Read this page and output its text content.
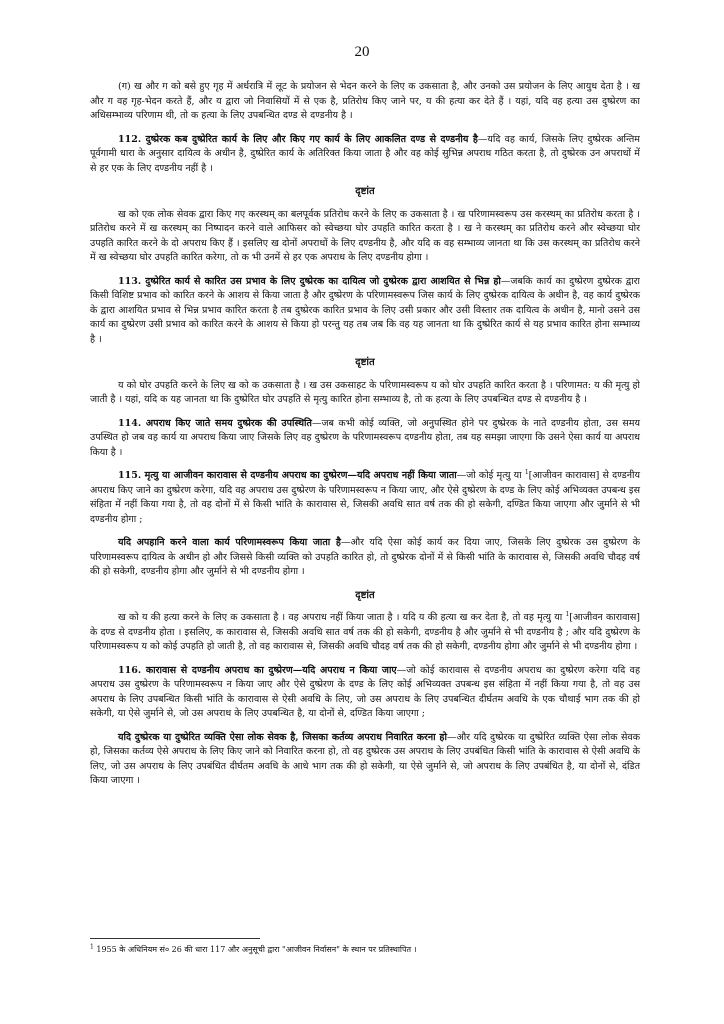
20

(ग) ख और ग को बसे हुए गृह में अर्धरात्रि में लूट के प्रयोजन से भेदन करने के लिए क उकसाता है, और उनको उस प्रयोजन के लिए आयुध देता है । ख और ग वह गृह-भेदन करते हैं, और य द्वारा जो निवासियों में से एक है, प्रतिरोध किए जाने पर, य की हत्या कर देते हैं । यहां, यदि वह हत्या उस दुष्प्रेरण का अधिसम्भाव्य परिणाम थी, तो क हत्या के लिए उपबन्धित दण्ड से दण्डनीय है ।

112. दुष्प्रेरक कब दुष्प्रेरित कार्य के लिए और किए गए कार्य के लिए आकलित दण्ड से दण्डनीय है—यदि वह कार्य, जिसके लिए दुष्प्रेरक अन्तिम पूर्वगामी धारा के अनुसार दायित्व के अधीन है, दुष्प्रेरित कार्य के अतिरिक्त किया जाता है और वह कोई सुभिन्न अपराध गठित करता है, तो दुष्प्रेरक उन अपराधों में से हर एक के लिए दण्डनीय नहीं है ।

दृष्टांत

ख को एक लोक सेवक द्वारा किए गए करस्थम् का बलपूर्वक प्रतिरोध करने के लिए क उकसाता है । ख परिणामस्वरूप उस करस्थम् का प्रतिरोध करता है । प्रतिरोध करने में ख करस्थम् का निष्पादन करने वाले आफिसर को स्वेच्छया घोर उपहति कारित करता है । ख ने करस्थम् का प्रतिरोध करने और स्वेच्छया घोर उपहति कारित करने के दो अपराध किए हैं । इसलिए ख दोनों अपराधों के लिए दण्डनीय है, और यदि क वह सम्भाव्य जानता था कि उस करस्थम् का प्रतिरोध करने में ख स्वेच्छया घोर उपहति कारित करेगा, तो क भी उनमें से हर एक अपराध के लिए दण्डनीय होगा ।

113. दुष्प्रेरित कार्य से कारित उस प्रभाव के लिए दुष्प्रेरक का दायित्व जो दुष्प्रेरक द्वारा आशयित से भिन्न हो—जबकि कार्य का दुष्प्रेरण दुष्प्रेरक द्वारा किसी विशिष्ट प्रभाव को कारित करने के आशय से किया जाता है और दुष्प्रेरण के परिणामस्वरूप जिस कार्य के लिए दुष्प्रेरक दायित्व के अधीन है, वह कार्य दुष्प्रेरक के द्वारा आशयित प्रभाव से भिन्न प्रभाव कारित करता है तब दुष्प्रेरक कारित प्रभाव के लिए उसी प्रकार और उसी विस्तार तक दायित्व के अधीन है, मानो उसने उस कार्य का दुष्प्रेरण उसी प्रभाव को कारित करने के आशय से किया हो परन्तु यह तब जब कि वह यह जानता था कि दुष्प्रेरित कार्य से यह प्रभाव कारित होना सम्भाव्य है ।

दृष्टांत

य को घोर उपहति करने के लिए ख को क उकसाता है । ख उस उकसाहट के परिणामस्वरूप य को घोर उपहति कारित करता है । परिणामत: य की मृत्यु हो जाती है । यहां, यदि क यह जानता था कि दुष्प्रेरित घोर उपहति से मृत्यु कारित होना सम्भाव्य है, तो क हत्या के लिए उपबन्धित दण्ड से दण्डनीय है ।

114. अपराध किए जाते समय दुष्प्रेरक की उपस्थिति—जब कभी कोई व्यक्ति, जो अनुपस्थित होने पर दुष्प्रेरक के नाते दण्डनीय होता, उस समय उपस्थित हो जब वह कार्य या अपराध किया जाए जिसके लिए वह दुष्प्रेरण के परिणामस्वरूप दण्डनीय होता, तब यह समझा जाएगा कि उसने ऐसा कार्य या अपराध किया है ।

115. मृत्यु या आजीवन कारावास से दण्डनीय अपराध का दुष्प्रेरण—यदि अपराध नहीं किया जाता—जो कोई मृत्यु या $^1$[आजीवन कारावास] से दण्डनीय अपराध किए जाने का दुष्प्रेरण करेगा, यदि वह अपराध उस दुष्प्रेरण के परिणामस्वरूप न किया जाए, और ऐसे दुष्प्रेरण के दण्ड के लिए कोई अभिव्यक्त उपबन्ध इस संहिता में नहीं किया गया है, तो वह दोनों में से किसी भांति के कारावास से, जिसकी अवधि सात वर्ष तक की हो सकेगी, दण्डित किया जाएगा और जुर्माने से भी दण्डनीय होगा ;

यदि अपहानि करने वाला कार्य परिणामस्वरूप किया जाता है—और यदि ऐसा कोई कार्य कर दिया जाए, जिसके लिए दुष्प्रेरक उस दुष्प्रेरण के परिणामस्वरूप दायित्व के अधीन हो और जिससे किसी व्यक्ति को उपहति कारित हो, तो दुष्प्रेरक दोनों में से किसी भांति के कारावास से, जिसकी अवधि चौदह वर्ष की हो सकेगी, दण्डनीय होगा और जुर्माने से भी दण्डनीय होगा ।

दृष्टांत

ख को य की हत्या करने के लिए क उकसाता है । वह अपराध नहीं किया जाता है । यदि य की हत्या ख कर देता है, तो वह मृत्यु या $^1$[आजीवन कारावास] के दण्ड से दण्डनीय होता । इसलिए, क कारावास से, जिसकी अवधि सात वर्ष तक की हो सकेगी, दण्डनीय है और जुर्माने से भी दण्डनीय है ; और यदि दुष्प्रेरण के परिणामस्वरूप य को कोई उपहति हो जाती है, तो वह कारावास से, जिसकी अवधि चौदह वर्ष तक की हो सकेगी, दण्डनीय होगा और जुर्माने से भी दण्डनीय होगा ।

116. कारावास से दण्डनीय अपराध का दुष्प्रेरण—यदि अपराध न किया जाए—जो कोई कारावास से दण्डनीय अपराध का दुष्प्रेरण करेगा यदि वह अपराध उस दुष्प्रेरण के परिणामस्वरूप न किया जाए और ऐसे दुष्प्रेरण के दण्ड के लिए कोई अभिव्यक्त उपबन्ध इस संहिता में नहीं किया गया है, तो वह उस अपराध के लिए उपबन्धित किसी भांति के कारावास से ऐसी अवधि के लिए, जो उस अपराध के लिए उपबन्धित दीर्घतम अवधि के एक चौथाई भाग तक की हो सकेगी, या ऐसे जुर्माने से, जो उस अपराध के लिए उपबन्धित है, या दोनों से, दण्डित किया जाएगा ;

यदि दुष्प्रेरक या दुष्प्रेरित व्यक्ति ऐसा लोक सेवक है, जिसका कर्तव्य अपराध निवारित करना हो—और यदि दुष्प्रेरक या दुष्प्रेरित व्यक्ति ऐसा लोक सेवक हो, जिसका कर्तव्य ऐसे अपराध के लिए किए जाने को निवारित करना हो, तो वह दुष्प्रेरक उस अपराध के लिए उपबंधित किसी भांति के कारावास से ऐसी अवधि के लिए, जो उस अपराध के लिए उपबंधित दीर्घतम अवधि के आधे भाग तक की हो सकेगी, या ऐसे जुर्माने से, जो अपराध के लिए उपबंधित है, या दोनों से, दंडित किया जाएगा ।

$^1$ 1955 के अधिनियम सं० 26 की धारा 117 और अनुसूची द्वारा "आजीवन निर्वासन" के स्थान पर प्रतिस्थापित ।
